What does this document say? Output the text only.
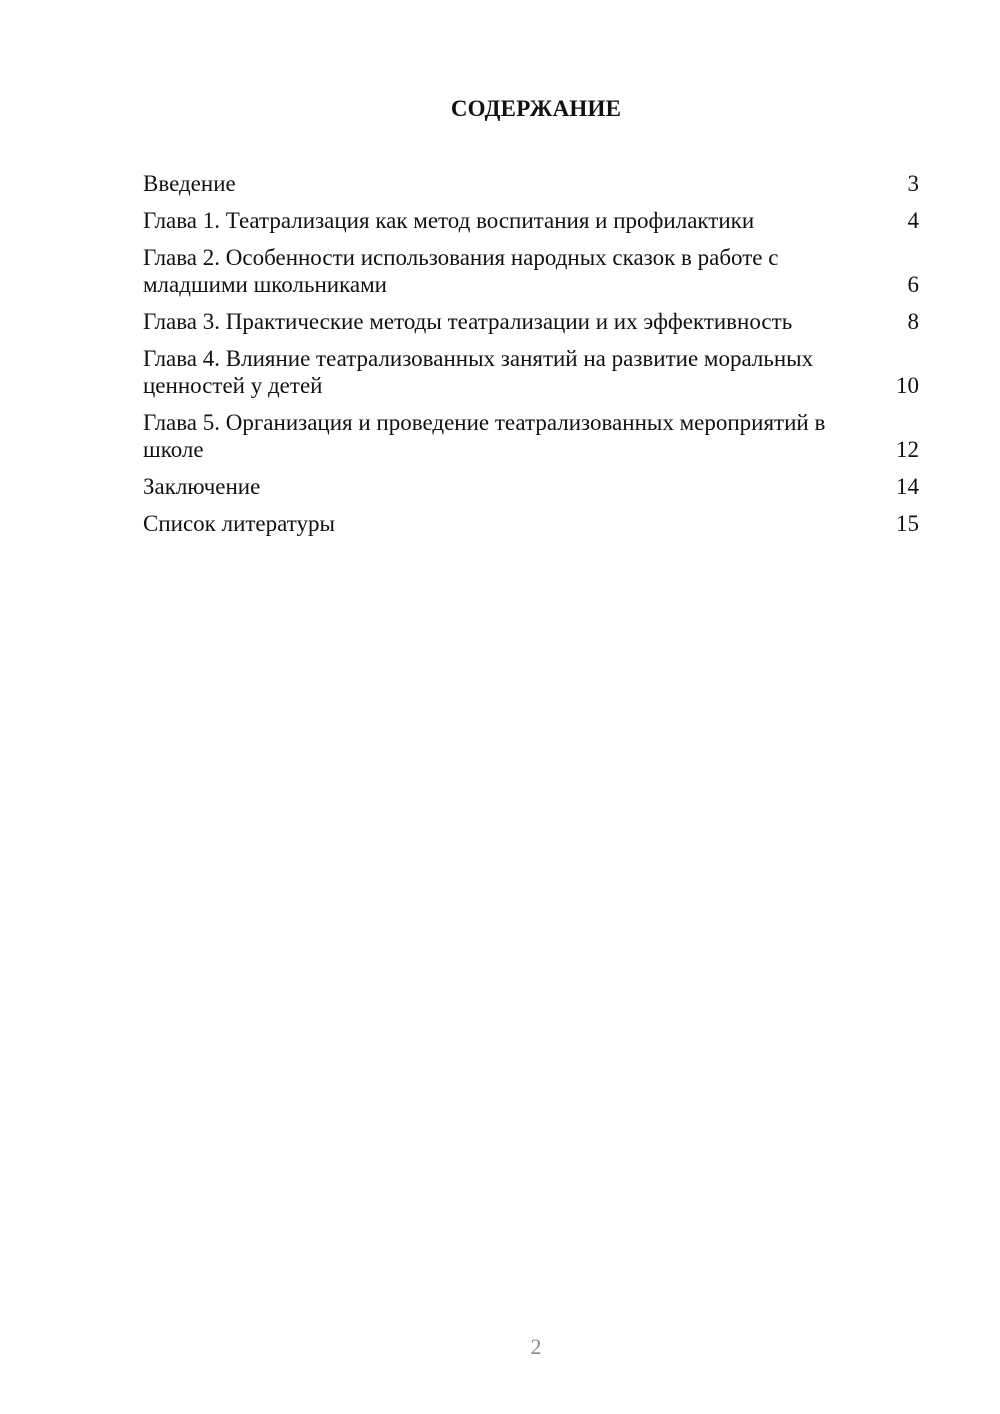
СОДЕРЖАНИЕ
Введение	3
Глава 1. Театрализация как метод воспитания и профилактики	4
Глава 2. Особенности использования народных сказок в работе с младшими школьниками	6
Глава 3. Практические методы театрализации и их эффективность	8
Глава 4. Влияние театрализованных занятий на развитие моральных ценностей у детей	10
Глава 5. Организация и проведение театрализованных мероприятий в школе	12
Заключение	14
Список литературы	15
2
